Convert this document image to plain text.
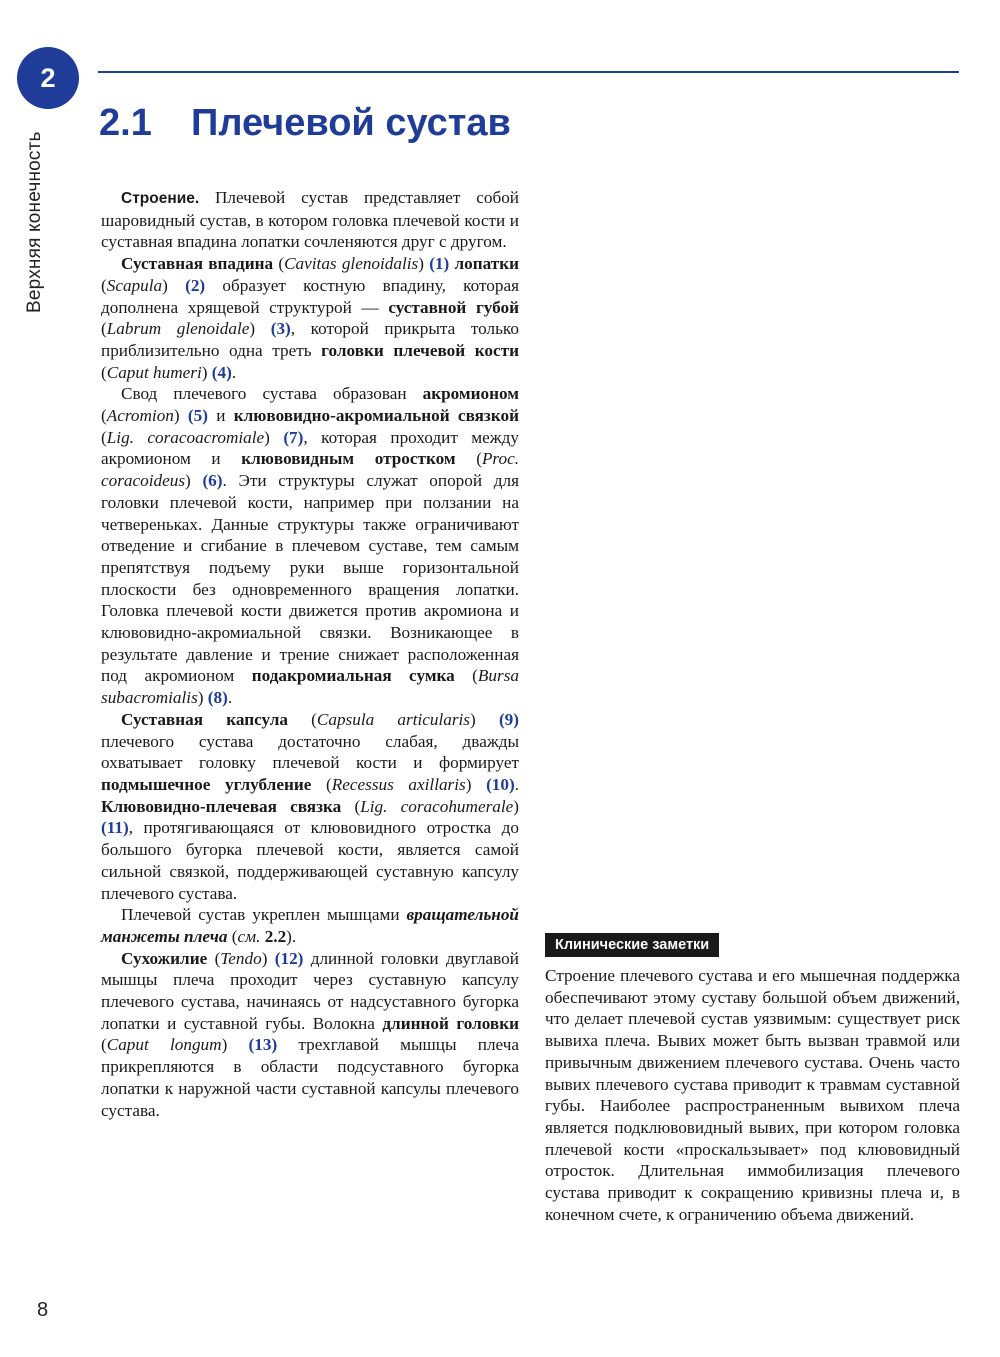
2
Верхняя конечность
2.1 Плечевой сустав

Строение. Плечевой сустав представляет собой шаровидный сустав, в котором головка плечевой кости и суставная впадина лопатки сочленяются друг с другом.

Суставная впадина (Cavitas glenoidalis) (1) лопатки (Scapula) (2) образует костную впадину, которая дополнена хрящевой структурой — суставной губой (Labrum glenoidale) (3), которой прикрыта только приблизительно одна треть головки плечевой кости (Caput humeri) (4).

Свод плечевого сустава образован акромионом (Acromion) (5) и клювовидно-акромиальной связкой (Lig. coracoacromiale) (7), которая проходит между акромионом и клювовидным отростком (Proc. coracoideus) (6). Эти структуры служат опорой для головки плечевой кости, например при ползании на четвереньках. Данные структуры также ограничивают отведение и сгибание в плечевом суставе, тем самым препятствуя подъему руки выше горизонтальной плоскости без одновременного вращения лопатки. Головка плечевой кости движется против акромиона и клювовидно-акромиальной связки. Возникающее в результате давление и трение снижает расположенная под акромионом подакромиальная сумка (Bursa subacromialis) (8).

Суставная капсула (Capsula articularis) (9) плечевого сустава достаточно слабая, дважды охватывает головку плечевой кости и формирует подмышечное углубление (Recessus axillaris) (10). Клювовидно-плечевая связка (Lig. coracohumerale) (11), протягивающаяся от клювовидного отростка до большого бугорка плечевой кости, является самой сильной связкой, поддерживающей суставную капсулу плечевого сустава.

Плечевой сустав укреплен мышцами вращательной манжеты плеча (см. 2.2).

Сухожилие (Tendo) (12) длинной головки двуглавой мышцы плеча проходит через суставную капсулу плечевого сустава, начинаясь от надсуставного бугорка лопатки и суставной губы. Волокна длинной головки (Caput longum) (13) трехглавой мышцы плеча прикрепляются в области подсуставного бугорка лопатки к наружной части суставной капсулы плечевого сустава.

Клинические заметки

Строение плечевого сустава и его мышечная поддержка обеспечивают этому суставу большой объем движений, что делает плечевой сустав уязвимым: существует риск вывиха плеча. Вывих может быть вызван травмой или привычным движением плечевого сустава. Очень часто вывих плечевого сустава приводит к травмам суставной губы. Наиболее распространенным вывихом плеча является подклювовидный вывих, при котором головка плечевой кости «проскальзывает» под клювовидный отросток. Длительная иммобилизация плечевого сустава приводит к сокращению кривизны плеча и, в конечном счете, к ограничению объема движений.

8
